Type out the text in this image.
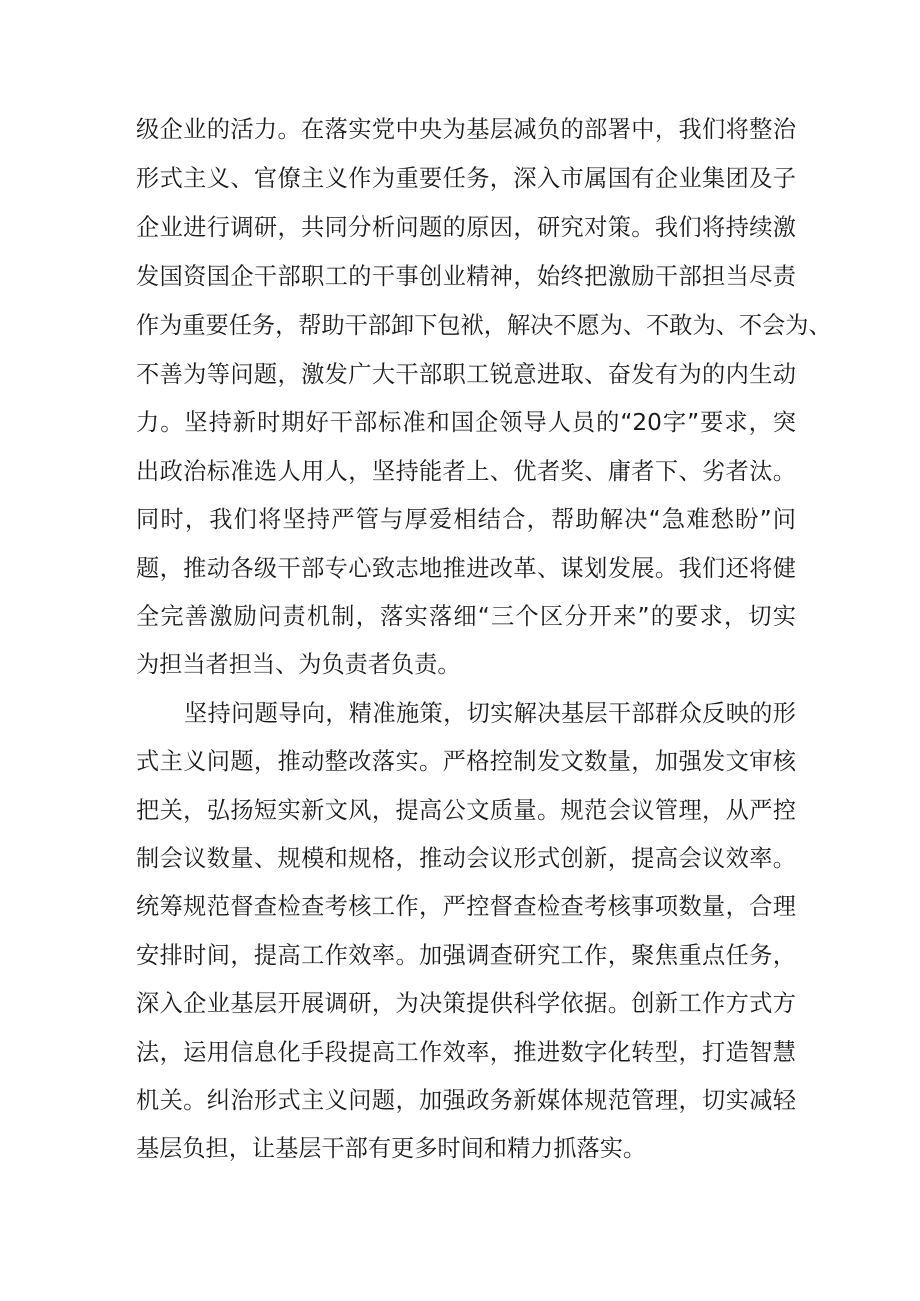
级企业的活力。在落实党中央为基层减负的部署中，我们将整治
形式主义、官僚主义作为重要任务，深入市属国有企业集团及子
企业进行调研，共同分析问题的原因，研究对策。我们将持续激
发国资国企干部职工的干事创业精神，始终把激励干部担当尽责
作为重要任务，帮助干部卸下包袱，解决不愿为、不敢为、不会为、
不善为等问题，激发广大干部职工锐意进取、奋发有为的内生动
力。坚持新时期好干部标准和国企领导人员的“20字”要求，突
出政治标准选人用人，坚持能者上、优者奖、庸者下、劣者汰。
同时，我们将坚持严管与厚爱相结合，帮助解决“急难愁盼”问
题，推动各级干部专心致志地推进改革、谋划发展。我们还将健
全完善激励问责机制，落实落细“三个区分开来”的要求，切实
为担当者担当、为负责者负责。
坚持问题导向，精准施策，切实解决基层干部群众反映的形
式主义问题，推动整改落实。严格控制发文数量，加强发文审核
把关，弘扬短实新文风，提高公文质量。规范会议管理，从严控
制会议数量、规模和规格，推动会议形式创新，提高会议效率。
统筹规范督查检查考核工作，严控督查检查考核事项数量，合理
安排时间，提高工作效率。加强调查研究工作，聚焦重点任务，
深入企业基层开展调研，为决策提供科学依据。创新工作方式方
法，运用信息化手段提高工作效率，推进数字化转型，打造智慧
机关。纠治形式主义问题，加强政务新媒体规范管理，切实减轻
基层负担，让基层干部有更多时间和精力抓落实。
